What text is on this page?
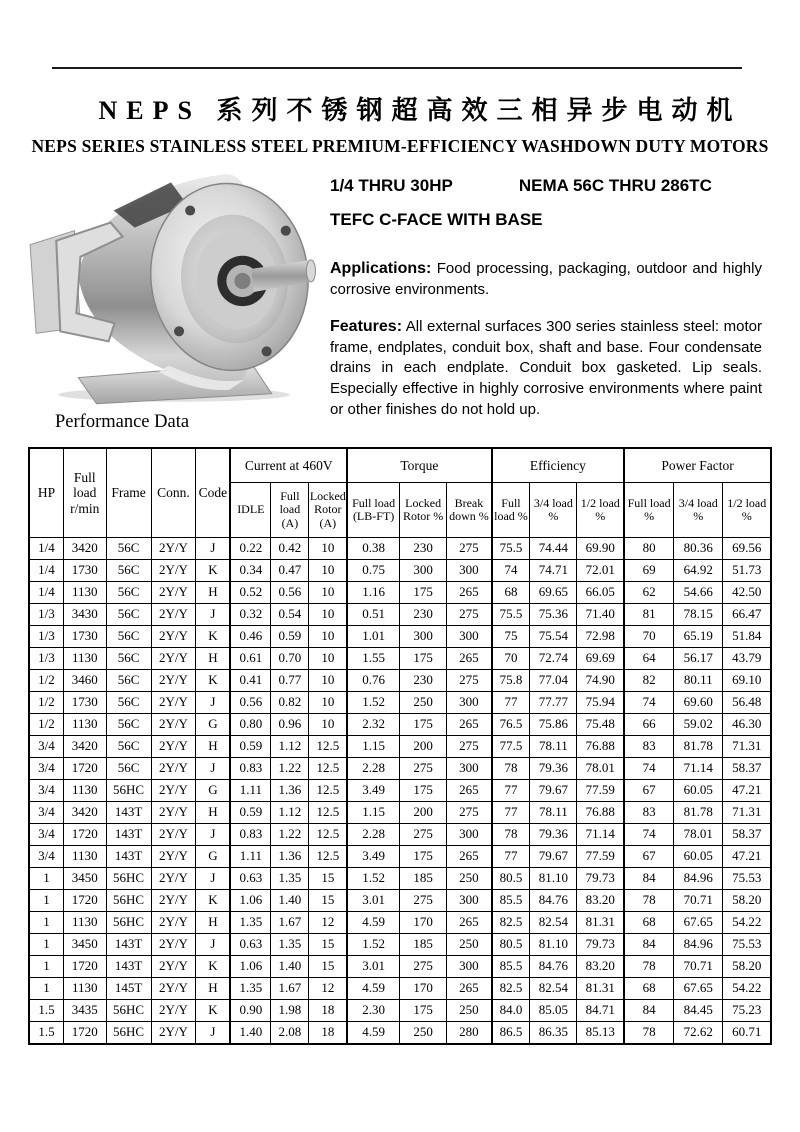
NEPS 系列不锈钢超高效三相异步电动机
NEPS SERIES STAINLESS STEEL PREMIUM-EFFICIENCY WASHDOWN DUTY MOTORS
1/4 THRU 30HP	NEMA 56C THRU 286TC
TEFC C-FACE WITH BASE
Applications: Food processing, packaging, outdoor and highly corrosive environments.
Features: All external surfaces 300 series stainless steel: motor frame, endplates, conduit box, shaft and base. Four condensate drains in each endplate. Conduit box gasketed. Lip seals. Especially effective in highly corrosive environments where paint or other finishes do not hold up.
Performance Data
HP	Full load r/min	Frame	Conn.	Code	Current at 460V			Torque			Efficiency			Power Factor		
					IDLE	Full load (A)	Locked Rotor (A)	Full load (LB-FT)	Locked Rotor %	Break down %	Full load %	3/4 load %	1/2 load %	Full load %	3/4 load %	1/2 load %
1/4	3420	56C	2Y/Y	J	0.22	0.42	10	0.38	230	275	75.5	74.44	69.90	80	80.36	69.56
1/4	1730	56C	2Y/Y	K	0.34	0.47	10	0.75	300	300	74	74.71	72.01	69	64.92	51.73
1/4	1130	56C	2Y/Y	H	0.52	0.56	10	1.16	175	265	68	69.65	66.05	62	54.66	42.50
1/3	3430	56C	2Y/Y	J	0.32	0.54	10	0.51	230	275	75.5	75.36	71.40	81	78.15	66.47
1/3	1730	56C	2Y/Y	K	0.46	0.59	10	1.01	300	300	75	75.54	72.98	70	65.19	51.84
1/3	1130	56C	2Y/Y	H	0.61	0.70	10	1.55	175	265	70	72.74	69.69	64	56.17	43.79
1/2	3460	56C	2Y/Y	K	0.41	0.77	10	0.76	230	275	75.8	77.04	74.90	82	80.11	69.10
1/2	1730	56C	2Y/Y	J	0.56	0.82	10	1.52	250	300	77	77.77	75.94	74	69.60	56.48
1/2	1130	56C	2Y/Y	G	0.80	0.96	10	2.32	175	265	76.5	75.86	75.48	66	59.02	46.30
3/4	3420	56C	2Y/Y	H	0.59	1.12	12.5	1.15	200	275	77.5	78.11	76.88	83	81.78	71.31
3/4	1720	56C	2Y/Y	J	0.83	1.22	12.5	2.28	275	300	78	79.36	78.01	74	71.14	58.37
3/4	1130	56HC	2Y/Y	G	1.11	1.36	12.5	3.49	175	265	77	79.67	77.59	67	60.05	47.21
3/4	3420	143T	2Y/Y	H	0.59	1.12	12.5	1.15	200	275	77	78.11	76.88	83	81.78	71.31
3/4	1720	143T	2Y/Y	J	0.83	1.22	12.5	2.28	275	300	78	79.36	71.14	74	78.01	58.37
3/4	1130	143T	2Y/Y	G	1.11	1.36	12.5	3.49	175	265	77	79.67	77.59	67	60.05	47.21
1	3450	56HC	2Y/Y	J	0.63	1.35	15	1.52	185	250	80.5	81.10	79.73	84	84.96	75.53
1	1720	56HC	2Y/Y	K	1.06	1.40	15	3.01	275	300	85.5	84.76	83.20	78	70.71	58.20
1	1130	56HC	2Y/Y	H	1.35	1.67	12	4.59	170	265	82.5	82.54	81.31	68	67.65	54.22
1	3450	143T	2Y/Y	J	0.63	1.35	15	1.52	185	250	80.5	81.10	79.73	84	84.96	75.53
1	1720	143T	2Y/Y	K	1.06	1.40	15	3.01	275	300	85.5	84.76	83.20	78	70.71	58.20
1	1130	145T	2Y/Y	H	1.35	1.67	12	4.59	170	265	82.5	82.54	81.31	68	67.65	54.22
1.5	3435	56HC	2Y/Y	K	0.90	1.98	18	2.30	175	250	84.0	85.05	84.71	84	84.45	75.23
1.5	1720	56HC	2Y/Y	J	1.40	2.08	18	4.59	250	280	86.5	86.35	85.13	78	72.62	60.71
